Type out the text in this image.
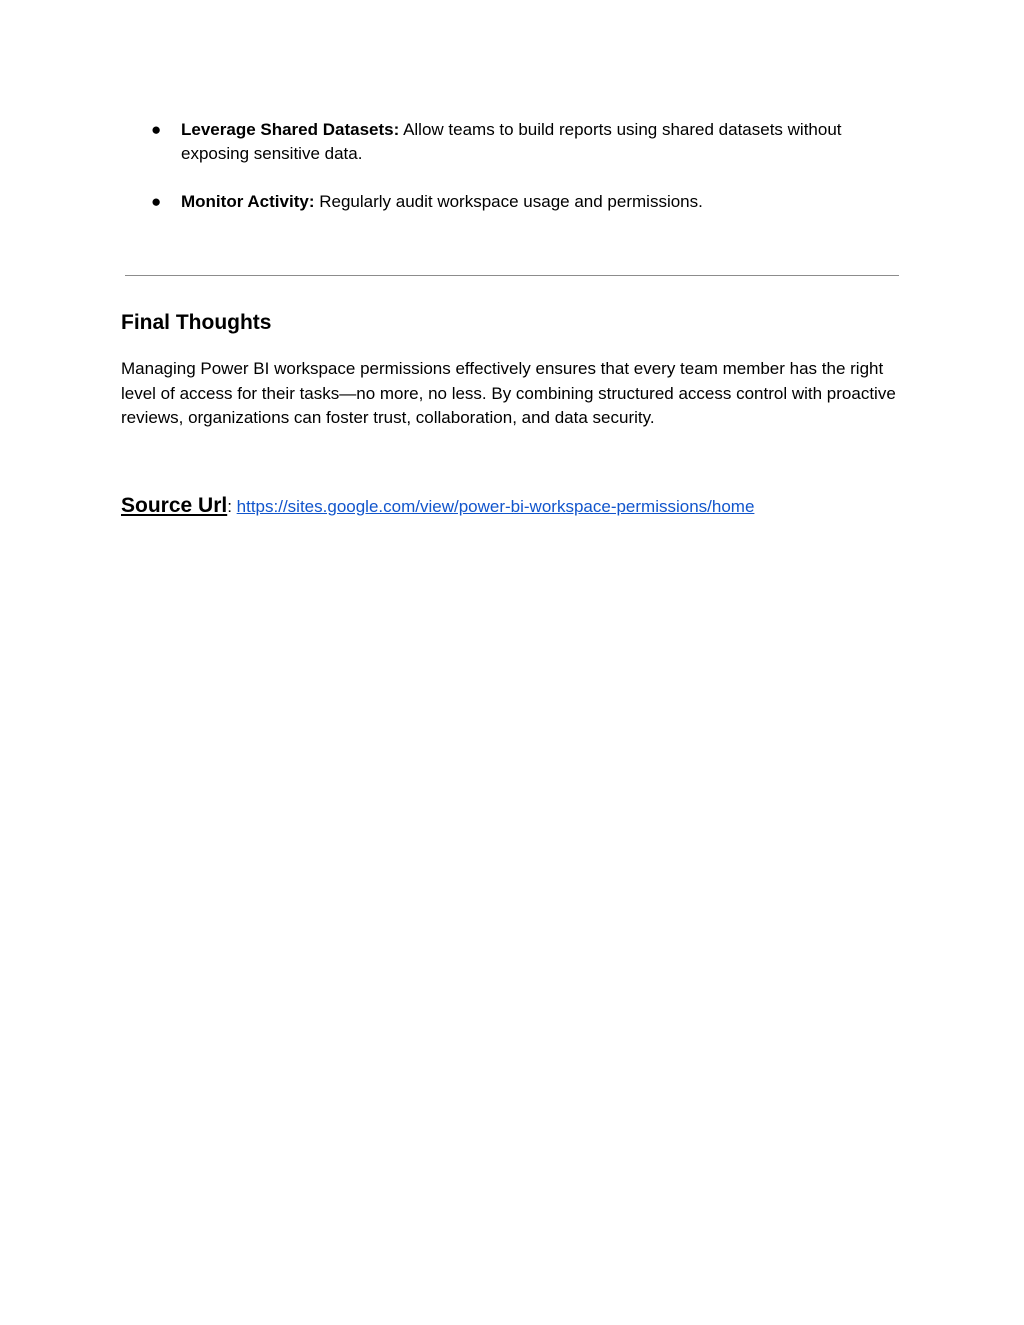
● Leverage Shared Datasets: Allow teams to build reports using shared datasets without exposing sensitive data.
● Monitor Activity: Regularly audit workspace usage and permissions.
Final Thoughts

Managing Power BI workspace permissions effectively ensures that every team member has the right level of access for their tasks—no more, no less. By combining structured access control with proactive reviews, organizations can foster trust, collaboration, and data security.

Source Url: https://sites.google.com/view/power-bi-workspace-permissions/home
